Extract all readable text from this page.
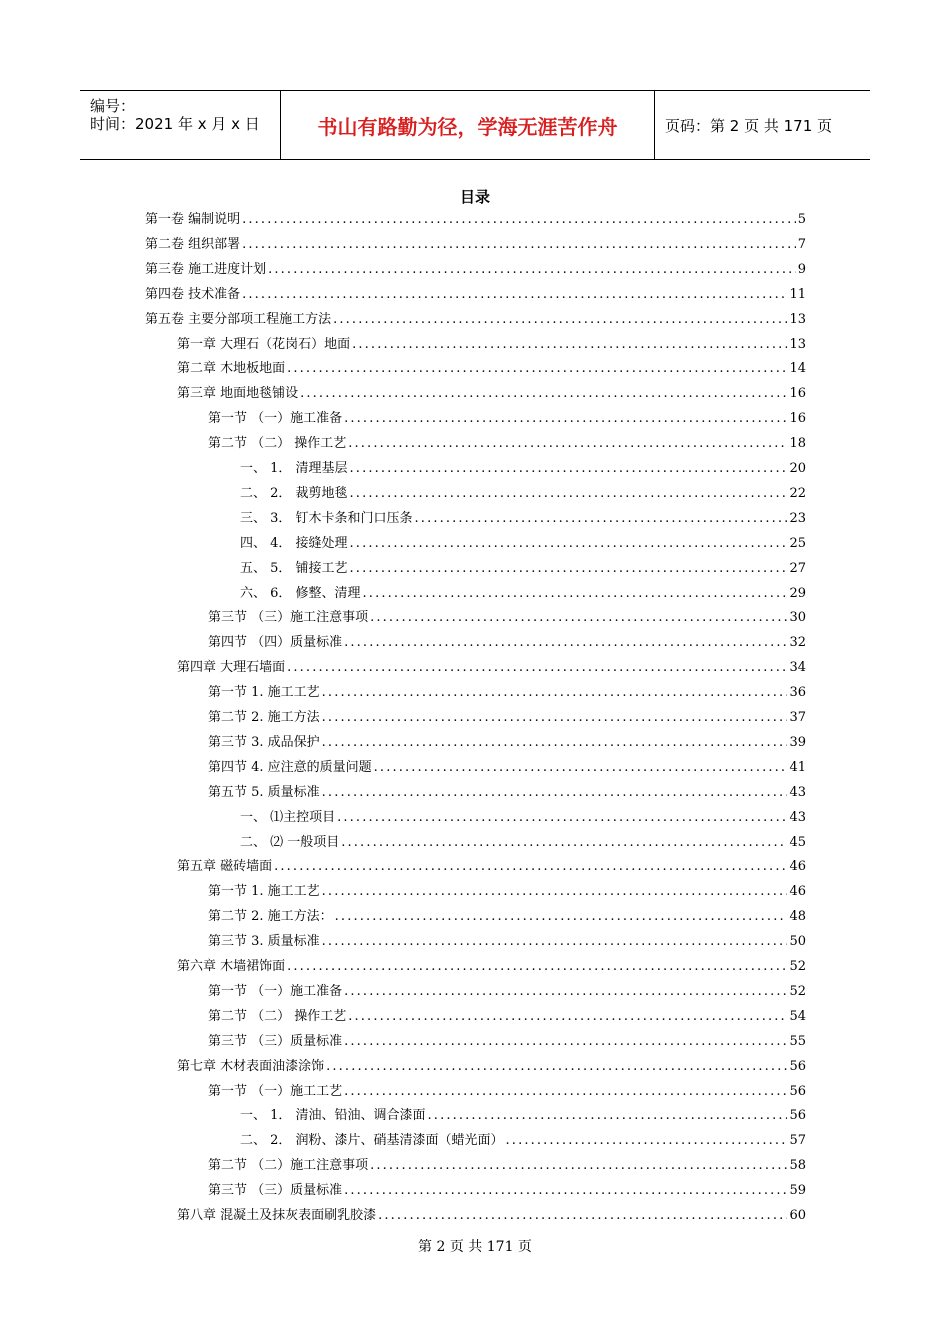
编号：
时间：2021 年 x 月 x 日	书山有路勤为径，学海无涯苦作舟	页码：第 2 页 共 171 页
目录
第一卷 编制说明 . . .	5
第二卷 组织部署 . . .	7
第三卷 施工进度计划 . . .	9
第四卷 技术准备 . . .	11
第五卷 主要分部项工程施工方法 . . .	13
第一章 大理石（花岗石）地面 . . .	13
第二章 木地板地面 . . .	14
第三章 地面地毯铺设 . . .	16
第一节 （一）施工准备 . . .	16
第二节 （二） 操作工艺 . . .	18
一、 1． 清理基层 . . .	20
二、 2． 裁剪地毯 . . .	22
三、 3． 钉木卡条和门口压条 . . .	23
四、 4． 接缝处理 . . .	25
五、 5． 铺接工艺 . . .	27
六、 6． 修整、清理 . . .	29
第三节 （三）施工注意事项 . . .	30
第四节 （四）质量标准 . . .	32
第四章 大理石墙面 . . .	34
第一节 1. 施工工艺 . . .	36
第二节 2. 施工方法 . . .	37
第三节 3. 成品保护 . . .	39
第四节 4. 应注意的质量问题 . . .	41
第五节 5. 质量标准 . . .	43
一、 ⑴主控项目 . . .	43
二、 ⑵ 一般项目 . . .	45
第五章 磁砖墙面 . . .	46
第一节 1. 施工工艺 . . .	46
第二节 2. 施工方法： . . .	48
第三节 3. 质量标准 . . .	50
第六章 木墙裙饰面 . . .	52
第一节 （一）施工准备 . . .	52
第二节 （二） 操作工艺 . . .	54
第三节 （三）质量标准 . . .	55
第七章 木材表面油漆涂饰 . . .	56
第一节 （一）施工工艺 . . .	56
一、 1． 清油、铅油、调合漆面 . . .	56
二、 2． 润粉、漆片、硝基清漆面（蜡光面） . . .	57
第二节 （二）施工注意事项 . . .	58
第三节 （三）质量标准 . . .	59
第八章 混凝土及抹灰表面刷乳胶漆 . . .	60
第 2 页 共 171 页
